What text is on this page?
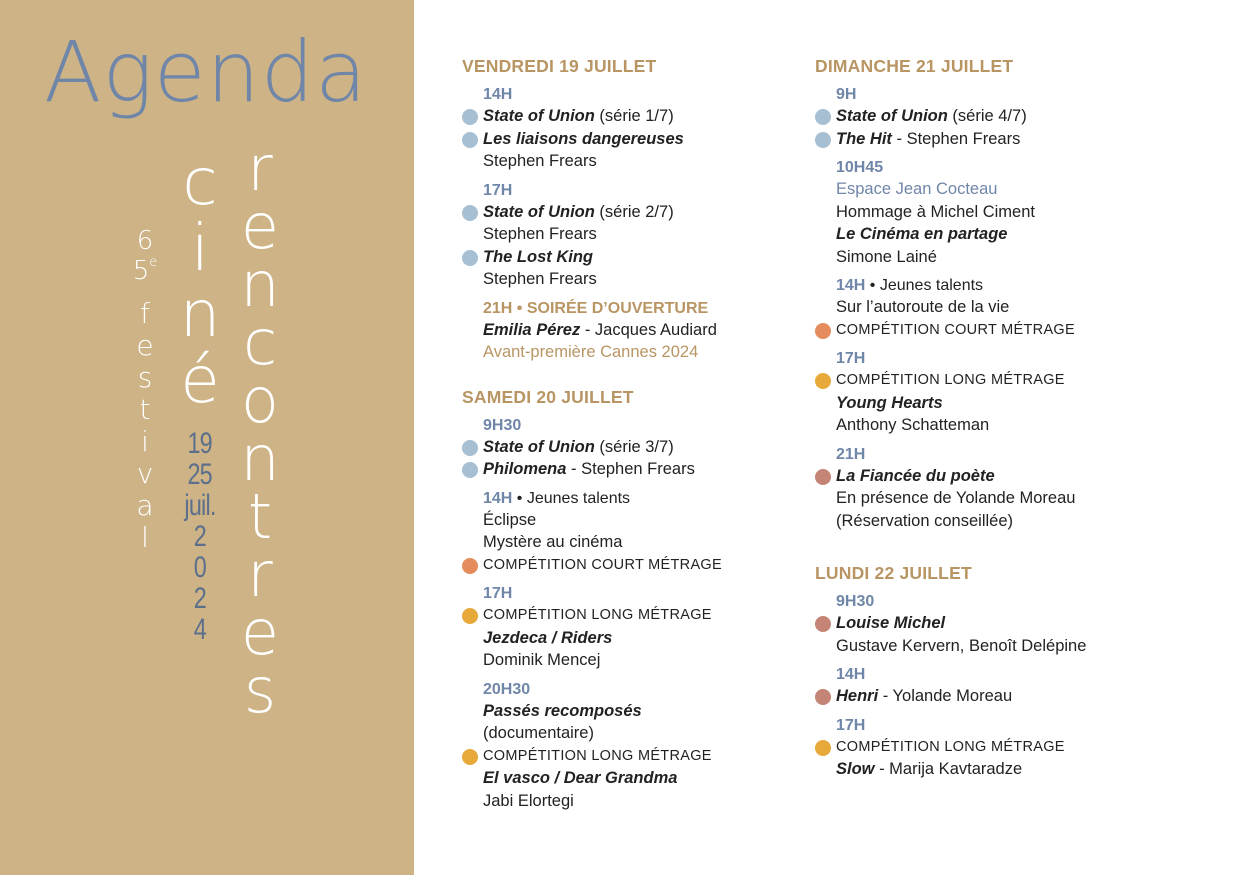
Agenda
6
5e
f
e
s
t
i
v
a
l
c
i
n
é
19
25
juil.
2
0
2
4
r
e
n
c
o
n
t
r
e
s
VENDREDI 19 JUILLET
14H
State of Union (série 1/7)
Les liaisons dangereuses
Stephen Frears
17H
State of Union (série 2/7)
Stephen Frears
The Lost King
Stephen Frears
21H • SOIRÉE D’OUVERTURE
Emilia Pérez - Jacques Audiard
Avant-première Cannes 2024
SAMEDI 20 JUILLET
9H30
State of Union (série 3/7)
Philomena - Stephen Frears
14H • Jeunes talents
Éclipse
Mystère au cinéma
COMPÉTITION COURT MÉTRAGE
17H
COMPÉTITION LONG MÉTRAGE
Jezdeca / Riders
Dominik Mencej
20H30
Passés recomposés
(documentaire)
COMPÉTITION LONG MÉTRAGE
El vasco / Dear Grandma
Jabi Elortegi
DIMANCHE 21 JUILLET
9H
State of Union (série 4/7)
The Hit - Stephen Frears
10H45
Espace Jean Cocteau
Hommage à Michel Ciment
Le Cinéma en partage
Simone Lainé
14H • Jeunes talents
Sur l’autoroute de la vie
COMPÉTITION COURT MÉTRAGE
17H
COMPÉTITION LONG MÉTRAGE
Young Hearts
Anthony Schatteman
21H
La Fiancée du poète
En présence de Yolande Moreau
(Réservation conseillée)
LUNDI 22 JUILLET
9H30
Louise Michel
Gustave Kervern, Benoît Delépine
14H
Henri - Yolande Moreau
17H
COMPÉTITION LONG MÉTRAGE
Slow - Marija Kavtaradze
